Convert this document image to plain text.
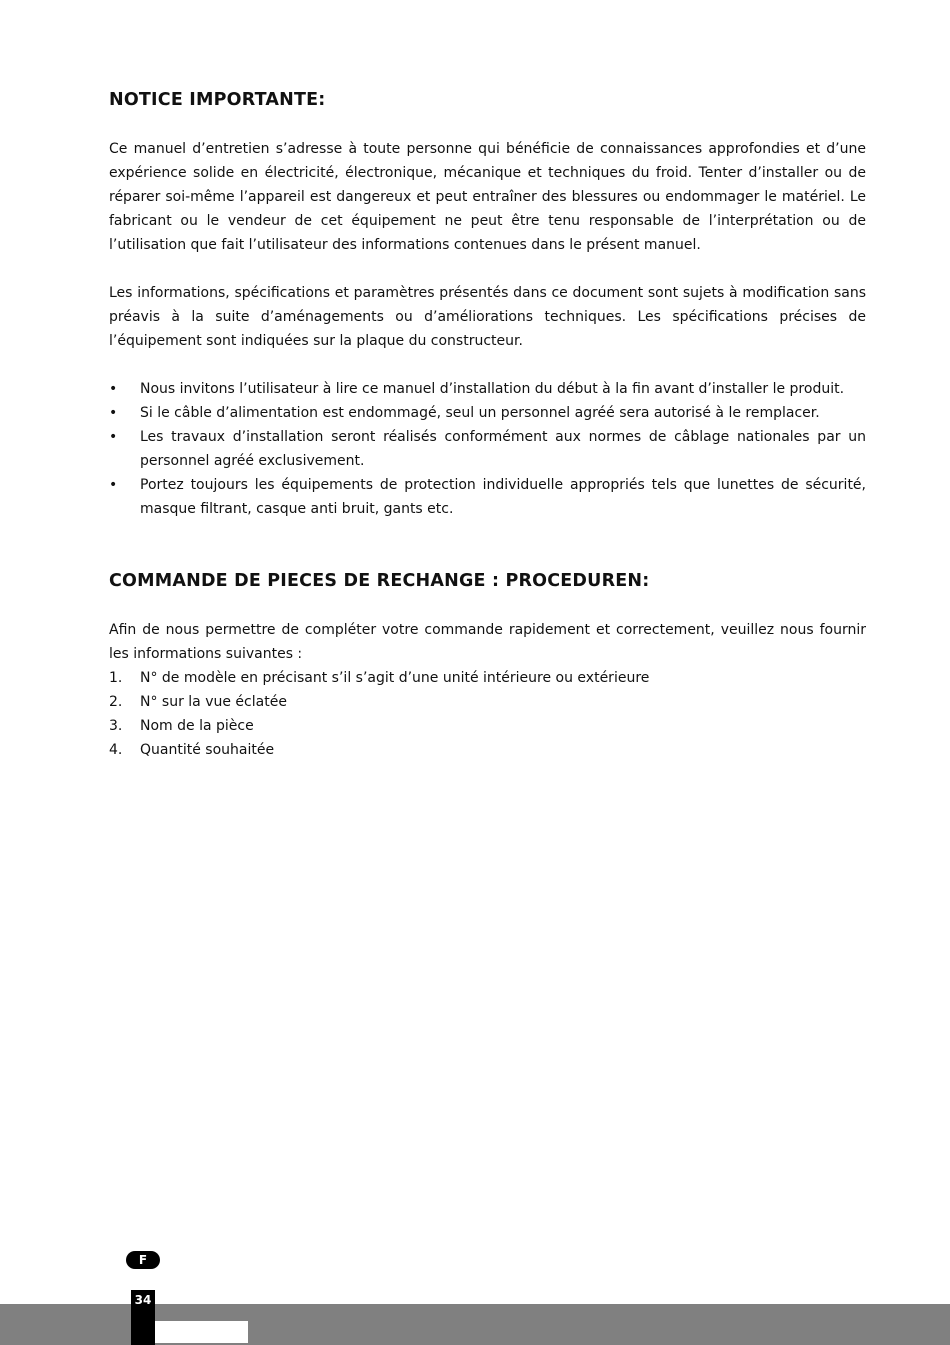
NOTICE IMPORTANTE:

Ce manuel d’entretien s’adresse à toute personne qui bénéficie de connaissances approfondies et d’une expérience solide en électricité, électronique, mécanique et techniques du froid. Tenter d’installer ou de réparer soi-même l’appareil est dangereux et peut entraîner des blessures ou endommager le matériel. Le fabricant ou le vendeur de cet équipement ne peut être tenu responsable de l’interprétation ou de l’utilisation que fait l’utilisateur des informations contenues dans le présent manuel.

Les informations, spécifications et paramètres présentés dans ce document sont sujets à modification sans préavis à la suite d’aménagements ou d’améliorations techniques. Les spécifications précises de l’équipement sont indiquées sur la plaque du constructeur.

• Nous invitons l’utilisateur à lire ce manuel d’installation du début à la fin avant d’installer le produit.
• Si le câble d’alimentation est endommagé, seul un personnel agréé sera autorisé à le remplacer.
• Les travaux d’installation seront réalisés conformément aux normes de câblage nationales par un personnel agréé exclusivement.
• Portez toujours les équipements de protection individuelle appropriés tels que lunettes de sécurité, masque filtrant, casque anti bruit, gants etc.
COMMANDE DE PIECES DE RECHANGE : PROCEDUREN:

Afin de nous permettre de compléter votre commande rapidement et correctement, veuillez nous fournir les informations suivantes :

1. N° de modèle en précisant s’il s’agit d’une unité intérieure ou extérieure
2. N° sur la vue éclatée
3. Nom de la pièce
4. Quantité souhaitée
F
34
